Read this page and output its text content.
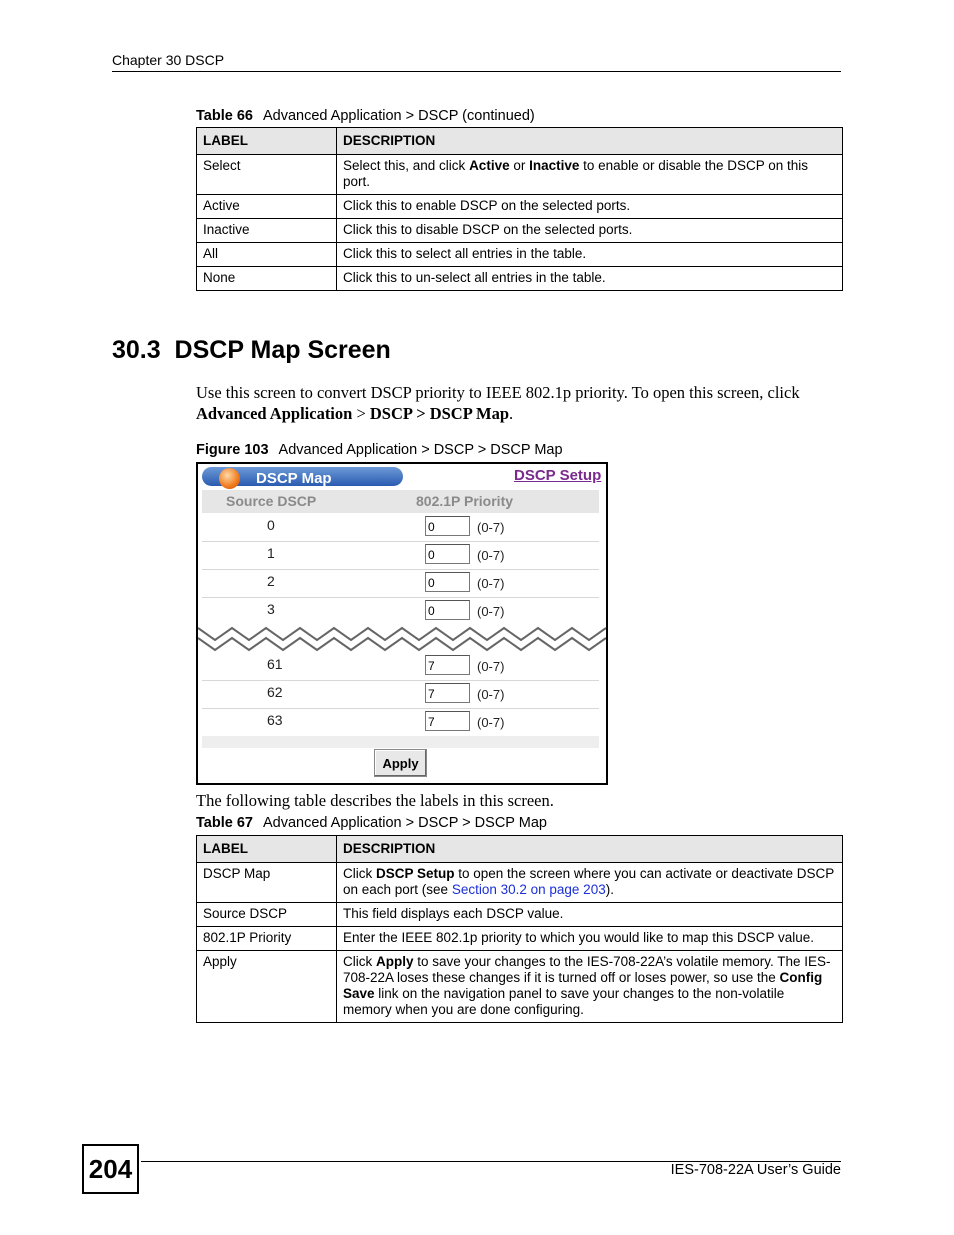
Chapter 30 DSCP
Table 66 Advanced Application > DSCP (continued)
LABEL	DESCRIPTION
Select	Select this, and click Active or Inactive to enable or disable the DSCP on this port.
Active	Click this to enable DSCP on the selected ports.
Inactive	Click this to disable DSCP on the selected ports.
All	Click this to select all entries in the table.
None	Click this to un-select all entries in the table.
30.3  DSCP Map Screen
Use this screen to convert DSCP priority to IEEE 802.1p priority. To open this screen, click Advanced Application > DSCP > DSCP Map.
Figure 103 Advanced Application > DSCP > DSCP Map
DSCP Map	DSCP Setup
Source DSCP	802.1P Priority
0	0	(0-7)
1	0	(0-7)
2	0	(0-7)
3	0	(0-7)
61	7	(0-7)
62	7	(0-7)
63	7	(0-7)
Apply
The following table describes the labels in this screen.
Table 67 Advanced Application > DSCP > DSCP Map
LABEL	DESCRIPTION
DSCP Map	Click DSCP Setup to open the screen where you can activate or deactivate DSCP on each port (see Section 30.2 on page 203).
Source DSCP	This field displays each DSCP value.
802.1P Priority	Enter the IEEE 802.1p priority to which you would like to map this DSCP value.
Apply	Click Apply to save your changes to the IES-708-22A’s volatile memory. The IES-708-22A loses these changes if it is turned off or loses power, so use the Config Save link on the navigation panel to save your changes to the non-volatile memory when you are done configuring.
204	IES-708-22A User’s Guide
